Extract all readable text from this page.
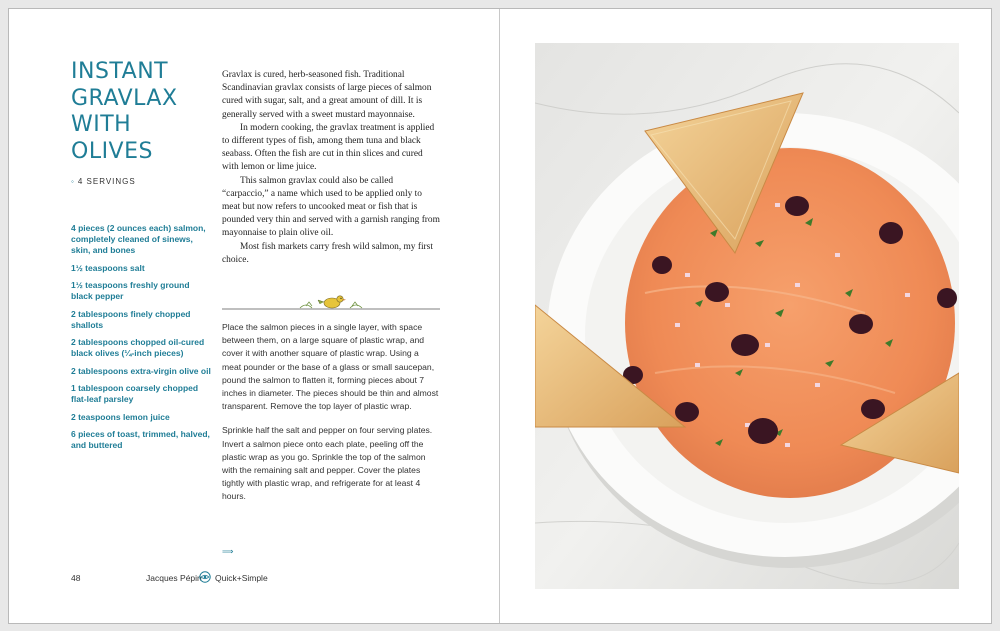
INSTANT
GRAVLAX
WITH
OLIVES
◦ 4 SERVINGS
4 pieces (2 ounces each) salmon, completely cleaned of sinews, skin, and bones
1½ teaspoons salt
1½ teaspoons freshly ground black pepper
2 tablespoons finely chopped shallots
2 tablespoons chopped oil-cured black olives (¼-inch pieces)
2 tablespoons extra-virgin olive oil
1 tablespoon coarsely chopped flat-leaf parsley
2 teaspoons lemon juice
6 pieces of toast, trimmed, halved, and buttered

Gravlax is cured, herb-seasoned fish. Traditional Scandinavian gravlax consists of large pieces of salmon cured with sugar, salt, and a great amount of dill. It is generally served with a sweet mustard mayonnaise.

In modern cooking, the gravlax treatment is applied to different types of fish, among them tuna and black seabass. Often the fish are cut in thin slices and cured with lemon or lime juice.

This salmon gravlax could also be called “carpaccio,” a name which used to be applied only to meat but now refers to uncooked meat or fish that is pounded very thin and served with a garnish ranging from mayonnaise to plain olive oil.

Most fish markets carry fresh wild salmon, my first choice.

Place the salmon pieces in a single layer, with space between them, on a large square of plastic wrap, and cover it with another square of plastic wrap. Using a meat pounder or the base of a glass or small saucepan, pound the salmon to flatten it, forming pieces about 7 inches in diameter. The pieces should be thin and almost transparent. Remove the top layer of plastic wrap.

Sprinkle half the salt and pepper on four serving plates. Invert a salmon piece onto each plate, peeling off the plastic wrap as you go. Sprinkle the top of the salmon with the remaining salt and pepper. Cover the plates tightly with plastic wrap, and refrigerate for at least 4 hours.

⟹
48	Jacques Pépin Quick+Simple
